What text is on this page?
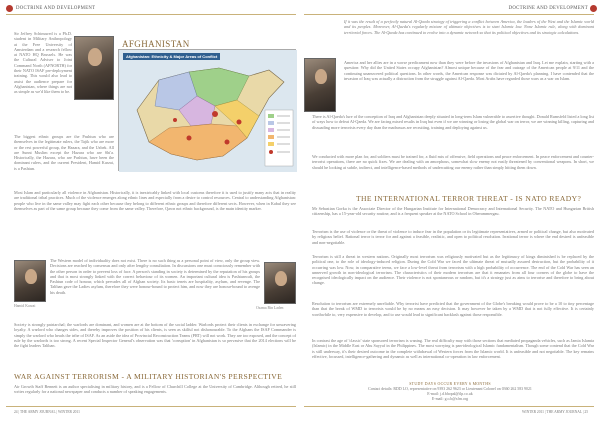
DOCTRINE AND DEVELOPMENT
Sir Jeffrey Schinsured is a Ph.D. student in Military Anthropology at the Free University of Amsterdam and a research fellow at NATO HQ Brussels. He was the Cultural Adviser to Joint Command North (AFNORTH) for their NATO ISAF pre-deployment training. This would also lead to assist the audience prepare for Afghanistan, where things are not as simple as we'd like them to be.
The biggest ethnic groups are the Pashtun who are themselves in the legitimate rulers, the Tajik who are more or the rest powerful group, the Hazara, and the Uzbek. All are Sunni Muslim except the Hazara who are Shi'a. Historically, the Hazara, who are Pashtun, have been the dominant rulers, and the current President, Hamid Karzai, is a Pashtun.
AFGHANISTAN
Afghanistan: Ethnicity & Major Areas of Conflict
Most Islam and particularly all violence in Afghanistan. Historically, it is inextricably linked with local customs therefore it is used to justify many acts that in reality are traditional tribal practices. Much of the violence emerges along ethnic lines and especially from a desire to control resources. Central to understanding Afghanistan: people who live in the same valley may fight each other because they belong to different ethnic groups and therefore different sects. However, when in Kabul they see themselves as part of the same group because they come from the same valley. Therefore, Qawn not ethnic background, is the main identity marker.
Hamid Karzai	Osama Bin Laden
The Western model of individuality does not exist. There is no such thing as a personal point of view, only the group view. Decisions are reached by consensus and only after lengthy consultation. In discussions one must consciously remember with the other person in order to prevent loss of face. A person's standing in society is determined by the reputation of his groups and that is most strongly linked with the correct behaviour of its women. An important cultural idea is Pashtunwali, the Pashtun code of honour, which pervades all of Afghan society. Its basic tenets are hospitality, asylum, and revenge. The Taliban gave the Ladies asylum, therefore they were honour-bound to protect him, and now they are honour-bound to avenge his death.
Society is strongly patriarchal; the warlords are dominant, and women are at the bottom of the social ladder. Warlords protect their clients in exchange for unwavering loyalty. A warlord who changes sides, and thereby improves the position of his clients, is seen as skilful not dishonourable. To the Afghans the ISAF Commander is simply the warlord who heads the tribe of ISAF. As an aside the idea of Provincial Reconstruction Teams (PRT) will not work. They are too exposed, and the concept of rule by the warlords is too strong. A recent Special Inspector General's observation was that 'corruption' in Afghanistan is so pervasive that the 2014 elections will be the fight leaders Taliban.
WAR AGAINST TERRORISM - A MILITARY HISTORIAN'S PERSPECTIVE
Air Growth Staff Bennett is an author specialising in military history, and is a Fellow of Churchill College at the University of Cambridge. Although retired, he still writes regularly for a national newspaper and conducts a number of speaking engagements.
24 | THE ARMY JOURNAL | WINTER 2011
DOCTRINE AND DEVELOPMENT
If it was the result of a perfectly natural Al-Qaeda strategy of triggering a conflict between America, the leaders of the West and the Islamic world and its peoples. Moreover, Al-Qaeda's regularly mixture of ultimate objectives is to start Islamic law. None Islamic rule, along with dominant territorial forces. The Al-Qaeda has continued to evolve into a dynamic network so that its political objectives and its strategic calculations.
America and her allies are in a worse predicament now than they were before the invasions of Afghanistan and Iraq. Let me explain, starting with a question: Why did the United States occupy Afghanistan? Almost unique because of the fear and outrage of the American people at 9/11 and the continuing unanswered political questions. In other words, the American response was dictated by Al-Qaeda's planning. I have contended that the invasion of Iraq was actually a distraction from the struggle against Al-Qaeda. Most Arabs have regarded those wars as a war on Islam.
There is Al-Qaeda's lure of the conception of Iraq and Afghanistan deeply situated in long-term Islam vulnerable to assertive thought. Donald Rumsfeld listed a long list of ways how to defeat Al-Qaeda. We are facing mixed results in Iraq but even if we are winning or losing the global war on terror, we are winning killing, capturing and dissuading more terrorists every day than the madrassas are recruiting, training and deploying against us.
We conducted with more plan for, and soldiers must be trained for, a fluid mix of offensive, field operations and peace enforcement. In peace enforcement and counter-terrorist operations, there are no quick fixes. We are dealing with an amorphous, somewhat slow enemy not easily threatened by conventional weapons. In short, we should be looking at subtle, indirect, and intelligence-based methods of undercutting our enemy rather than simply hitting them down.
THE INTERNATIONAL TERROR THREAT - IS NATO READY?
Mr Sebastian Gorka is the Associate Director of the Hungarian Institute for International Democracy and International Security. The NATO and Hungarian British citizenship, has a 15-year-old security routine, and is a frequent speaker at the NATO School in Oberammergau.
Terrorism is the use of violence or the threat of violence to induce fear in the population or its legitimate representatives, armed or political change, but also motivated by religious belief. Rational terror is terror for and against a feasible, realistic, and open to political resolution. Irrational terror is where the end desired is unfeasible and non-negotiable.
Terrorism is still a threat in western nations. Originally most terrorism was religiously motivated but as the legitimacy of kings diminished is be replaced by the political one, to the role of ideology-induced religion. During the Cold War we faced the ultimate threat of mutually assured destruction, but the probability of it occurring was low. Now, in comparative terms, we face a low-level threat from terrorism with a high probability of occurrence. The end of the Cold War has seen an unnerved growth in non-ideological terrorism. The characteristics of their modern terrorism are that it emanates from all four corners of the globe to have the recognised ideologically impact on the audience. Their violence is not spontaneous or random, but it's a strategy just as aims to terrorise and therefore to bring about change.
Resolution to terrorism are extremely unreliable. Why terrorist have predicted that the government of the Globe's breaking would prove to be a 10 to tiny percentage than that the break of WMD to terrorists would be by no means an easy decision. It may however be taken by a WMD that is not fully effective. It is certainly worthwhile to, very expensive to develop, and to use would lead to significant backlash against those responsible.
In contrast the age of 'classic' state sponsored terrorism is waning. The real difficulty may with those sections that mediated propaganda vehicles, such as Jamia Islamia (Islamic) in the Middle East or Abu Sayyaf in the Philippines. The most worrying is pan-ideological Islamic fundamentalism. Though some contend that the Cold War is still underway, it's their desired outcome in the complete withdrawal of Western forces from the Islamic world. It is unfeasible and not negotiable. The key remains effective, focussed, intelligence-gathering and dynamic as well as international co-operation in law enforcement.
STUDY DAYS OCCUR EVERY 6 MONTHS
Contact details: RDD LO, representative on 9393 262 9623 or Lieutenant Colonel on 0360 262 583 9021
E-mail: j.d.bhopal@tlp.co.uk
E-mail: g.o.b@sfrn.org
WINTER 2011 | THE ARMY JOURNAL | 25
